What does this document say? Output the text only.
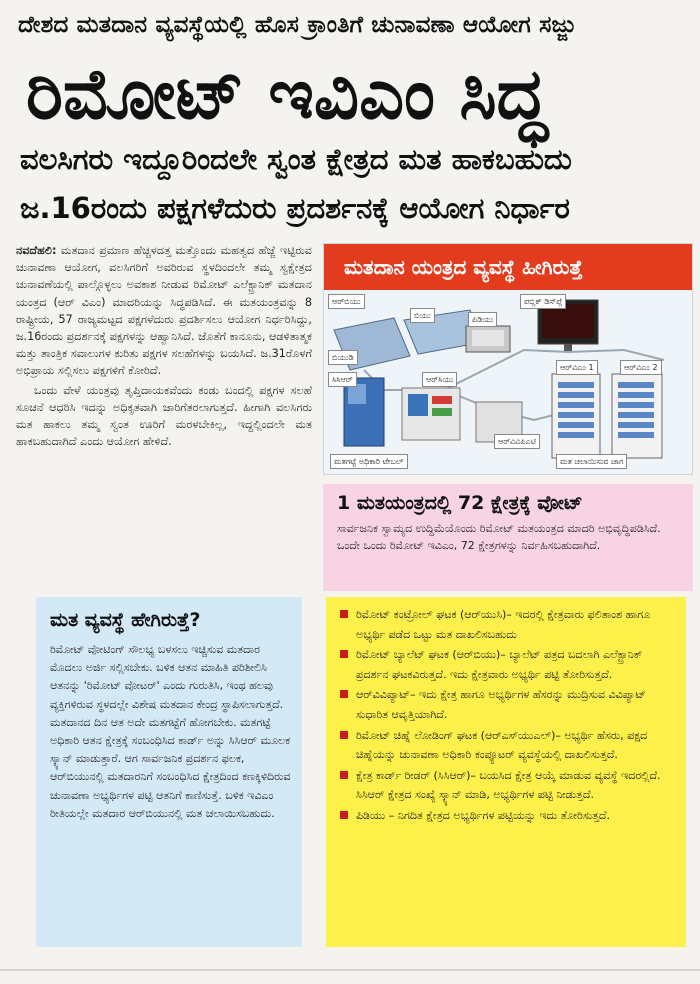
ದೇಶದ ಮತದಾನ ವ್ಯವಸ್ಥೆಯಲ್ಲಿ ಹೊಸ ಕ್ರಾಂತಿಗೆ ಚುನಾವಣಾ ಆಯೋಗ ಸಜ್ಜು
ರಿಮೋಟ್ ಇವಿಎಂ ಸಿದ್ಧ
ವಲಸಿಗರು ಇದ್ದೂರಿಂದಲೇ ಸ್ವಂತ ಕ್ಷೇತ್ರದ ಮತ ಹಾಕಬಹುದು
ಜ.16ರಂದು ಪಕ್ಷಗಳೆದುರು ಪ್ರದರ್ಶನಕ್ಕೆ ಆಯೋಗ ನಿರ್ಧಾರ

ನವದೆಹಲಿ: ಮತದಾನ ಪ್ರಮಾಣ ಹೆಚ್ಚಳದತ್ತ ಮತ್ತೊಂದು ಮಹತ್ವದ ಹೆಜ್ಜೆ ಇಟ್ಟಿರುವ ಚುನಾವಣಾ ಆಯೋಗ, ವಲಸಿಗರಿಗೆ ಅವರಿರುವ ಸ್ಥಳದಿಂದಲೇ ತಮ್ಮ ಸ್ವಕ್ಷೇತ್ರದ ಚುನಾವಣೆಯಲ್ಲಿ ಪಾಲ್ಗೊಳ್ಳಲು ಅವಕಾಶ ನೀಡುವ ರಿಮೋಟ್ ಎಲೆಕ್ಟ್ರಾನಿಕ್ ಮತದಾನ ಯಂತ್ರದ (ಆರ್ ವಿಎಂ) ಮಾದರಿಯನ್ನು ಸಿದ್ಧಪಡಿಸಿದೆ. ಈ ಮತಯಂತ್ರವನ್ನು 8 ರಾಷ್ಟ್ರೀಯ, 57 ರಾಜ್ಯಮಟ್ಟದ ಪಕ್ಷಗಳೆದುರು ಪ್ರದರ್ಶಿಸಲು ಆಯೋಗ ನಿರ್ಧರಿಸಿದ್ದು, ಜ.16ರಂದು ಪ್ರದರ್ಶನಕ್ಕೆ ಪಕ್ಷಗಳನ್ನು ಆಹ್ವಾನಿಸಿದೆ. ಜೊತೆಗೆ ಕಾನೂನು, ಆಡಳಿತಾತ್ಮಕ ಮತ್ತು ತಾಂತ್ರಿಕ ಸವಾಲುಗಳ ಕುರಿತು ಪಕ್ಷಗಳ ಸಲಹೆಗಳನ್ನು ಬಯಸಿದೆ. ಜ.31ರೊಳಗೆ ಅಭಿಪ್ರಾಯ ಸಲ್ಲಿಸಲು ಪಕ್ಷಗಳಿಗೆ ಕೋರಿದೆ.

ಒಂದು ವೇಳೆ ಯಂತ್ರವು ತೃಪ್ತಿದಾಯಕವೆಂದು ಕಂಡು ಬಂದಲ್ಲಿ ಪಕ್ಷಗಳ ಸಲಹೆ ಸೂಚನೆ ಆಧರಿಸಿ ಇದನ್ನು ಅಧಿಕೃತವಾಗಿ ಜಾರಿಗೆತರಲಾಗುತ್ತದೆ. ಹೀಗಾಗಿ ವಲಸಿಗರು ಮತ ಹಾಕಲು ತಮ್ಮ ಸ್ವಂತ ಊರಿಗೆ ಮರಳಬೇಕಿಲ್ಲ, ಇದ್ದಲ್ಲಿಂದಲೇ ಮತ ಹಾಕಬಹುದಾಗಿದೆ ಎಂದು ಆಯೋಗ ಹೇಳಿದೆ.

ಮತದಾನ ಯಂತ್ರದ ವ್ಯವಸ್ಥೆ ಹೀಗಿರುತ್ತೆ
ಆರ್‌ಬಿಯು
ಬಿಯು	ಪಿಡಿಯು
ಪಬ್ಲಿಕ್ ಡಿಸ್‌ಪ್ಲೆ
ಬಿಯುಡಿ
ಸಿಸಿಆರ್	ಆರ್‌ಸಿಯು
ಆರ್‌ವಿಎಂ 1	ಆರ್‌ವಿಎಂ 2
ಮತಗಟ್ಟೆ ಅಧಿಕಾರಿ ಟೇಬಲ್
ಆರ್‌ವಿವಿಪಿಎಟಿ
ಮತ ಚಲಾಯಿಸುವ ಜಾಗ
1 ಮತಯಂತ್ರದಲ್ಲಿ 72 ಕ್ಷೇತ್ರಕ್ಕೆ ವೋಟ್
ಸಾರ್ವಜನಿಕ ಸ್ವಾಮ್ಯದ ಉದ್ದಿಮೆಯೊಂದು ರಿಮೋಟ್ ಮತಯಂತ್ರದ ಮಾದರಿ ಅಭಿವೃದ್ಧಿಪಡಿಸಿದೆ. ಒಂದೇ ಒಂದು ರಿಮೋಟ್ ಇವಿಎಂ, 72 ಕ್ಷೇತ್ರಗಳನ್ನು ನಿರ್ವಹಿಸಬಹುದಾಗಿದೆ.
ಮತ ವ್ಯವಸ್ಥೆ ಹೇಗಿರುತ್ತೆ?
ರಿಮೋಟ್ ವೋಟಿಂಗ್ ಸೌಲಭ್ಯ ಬಳಸಲು ಇಚ್ಚಿಸುವ ಮತದಾರ ಮೊದಲು ಅರ್ಜಿ ಸಲ್ಲಿಸಬೇಕು. ಬಳಿಕ ಆತನ ಮಾಹಿತಿ ಪರಿಶೀಲಿಸಿ ಆತನನ್ನು 'ರಿಮೋಟ್ ವೋಟರ್' ಎಂದು ಗುರುತಿಸಿ, ಇಂಥ ಹಲವು ವ್ಯಕ್ತಿಗಳಿರುವ ಸ್ಥಳದಲ್ಲೇ ವಿಶೇಷ ಮತದಾನ ಕೇಂದ್ರ ಸ್ಥಾಪಿಸಲಾಗುತ್ತದೆ. ಮತದಾನದ ದಿನ ಆತ ಅದೇ ಮತಗಟ್ಟೆಗೆ ಹೋಗಬೇಕು. ಮತಗಟ್ಟೆ ಅಧಿಕಾರಿ ಆತನ ಕ್ಷೇತ್ರಕ್ಕೆ ಸಂಬಂಧಿಸಿದ ಕಾರ್ಡ್ ಅನ್ನು ಸಿಸಿಆರ್ ಮೂಲಕ ಸ್ಕ್ಯಾನ್ ಮಾಡುತ್ತಾರೆ. ಆಗ ಸಾರ್ವಜನಿಕ ಪ್ರದರ್ಶನ ಫಲಕ, ಆರ್‌ಬಿಯುನಲ್ಲಿ ಮತದಾರನಿಗೆ ಸಂಬಂಧಿಸಿದ ಕ್ಷೇತ್ರದಿಂದ ಕಣಕ್ಕಿಳಿದಿರುವ ಚುನಾವಣಾ ಅಭ್ಯರ್ಥಿಗಳ ಪಟ್ಟಿ ಆತನಿಗೆ ಕಾಣಿಸುತ್ತೆ. ಬಳಿಕ ಇವಿಎಂ ರೀತಿಯಲ್ಲೇ ಮತದಾರ ಆರ್‌ಬಿಯುನಲ್ಲಿ ಮತ ಚಲಾಯಿಸಬಹುದು.
ರಿಮೋಟ್ ಕಂಟ್ರೋಲ್ ಘಟಕ (ಆರ್‌ಯುಸಿ)– ಇದರಲ್ಲಿ ಕ್ಷೇತ್ರವಾರು ಫಲಿತಾಂಶ ಹಾಗೂ ಅಭ್ಯರ್ಥಿ ಪಡೆದ ಒಟ್ಟು ಮತ ದಾಖಲಿಸಬಹುದು
ರಿಮೋಟ್ ಬ್ಯಾಲೆಟ್ ಘಟಕ (ಆರ್‌ಬಿಯು)– ಬ್ಯಾಲೆಟ್ ಪತ್ರದ ಬದಲಾಗಿ ಎಲೆಕ್ಟ್ರಾನಿಕ್ ಪ್ರದರ್ಶನ ಘಟಕವಿರುತ್ತದೆ. ಇದು ಕ್ಷೇತ್ರವಾರು ಅಭ್ಯರ್ಥಿ ಪಟ್ಟಿ ತೋರಿಸುತ್ತದೆ.
ಆರ್‌ವಿವಿಪ್ಯಾಟ್– ಇದು ಕ್ಷೇತ್ರ ಹಾಗೂ ಅಭ್ಯರ್ಥಿಗಳ ಹೆಸರನ್ನು ಮುದ್ರಿಸುವ ವಿವಿಪ್ಯಾಟ್ ಸುಧಾರಿತ ಆವೃತ್ತಿಯಾಗಿದೆ.
ರಿಮೋಟ್ ಚಿಹ್ನೆ ಲೋಡಿಂಗ್ ಘಟಕ (ಆರ್‌ಎಸ್‌ಯುಎಲ್)– ಅಭ್ಯರ್ಥಿ ಹೆಸರು, ಪಕ್ಷದ ಚಿಹ್ನೆಯನ್ನು ಚುನಾವಣಾ ಅಧಿಕಾರಿ ಕಂಪ್ಯೂಟರ್ ವ್ಯವಸ್ಥೆಯಲ್ಲಿ ದಾಖಲಿಸುತ್ತದೆ.
ಕ್ಷೇತ್ರ ಕಾರ್ಡ್ ರೀಡರ್ (ಸಿಸಿಆರ್)– ಬಯಸಿದ ಕ್ಷೇತ್ರ ಆಯ್ಕೆ ಮಾಡುವ ವ್ಯವಸ್ಥೆ ಇದರಲ್ಲಿದೆ. ಸಿಸಿಆರ್ ಕ್ಷೇತ್ರದ ಸಂಖ್ಯೆ ಸ್ಕ್ಯಾನ್ ಮಾಡಿ, ಅಭ್ಯರ್ಥಿಗಳ ಪಟ್ಟಿ ನೀಡುತ್ತದೆ.
ಪಿಡಿಯು – ನಿಗದಿತ ಕ್ಷೇತ್ರದ ಅಭ್ಯರ್ಥಿಗಳ ಪಟ್ಟಿಯನ್ನು ಇದು ತೋರಿಸುತ್ತದೆ.
